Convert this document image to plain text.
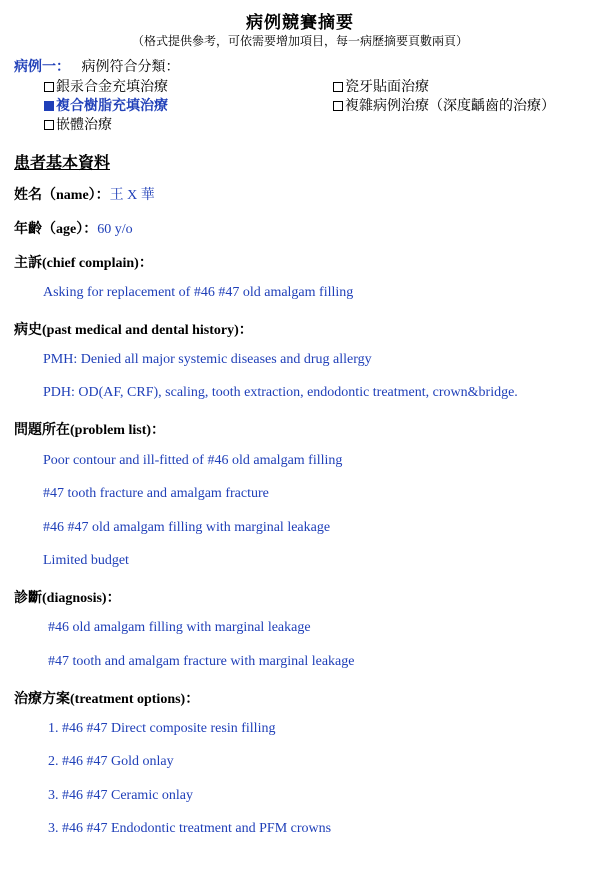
病例競賽摘要
（格式提供參考，可依需要增加項目，每一病歷摘要頁數兩頁）
病例一： 病例符合分類：
銀汞合金充填治療	瓷牙貼面治療
複合樹脂充填治療	複雜病例治療（深度齲齒的治療）
嵌體治療
患者基本資料
姓名（name）：王 X 華
年齡（age）：60 y/o
主訴(chief complain)：
Asking for replacement of #46 #47 old amalgam filling
病史(past medical and dental history)：
PMH: Denied all major systemic diseases and drug allergy
PDH: OD(AF, CRF), scaling, tooth extraction, endodontic treatment, crown&bridge.
問題所在(problem list)：
Poor contour and ill-fitted of #46 old amalgam filling
#47 tooth fracture and amalgam fracture
#46 #47 old amalgam filling with marginal leakage
Limited budget
診斷(diagnosis)：
#46 old amalgam filling with marginal leakage
#47 tooth and amalgam fracture with marginal leakage
治療方案(treatment options)：
1. #46 #47 Direct composite resin filling
2. #46 #47 Gold onlay
3. #46 #47 Ceramic onlay
3. #46 #47 Endodontic treatment and PFM crowns
